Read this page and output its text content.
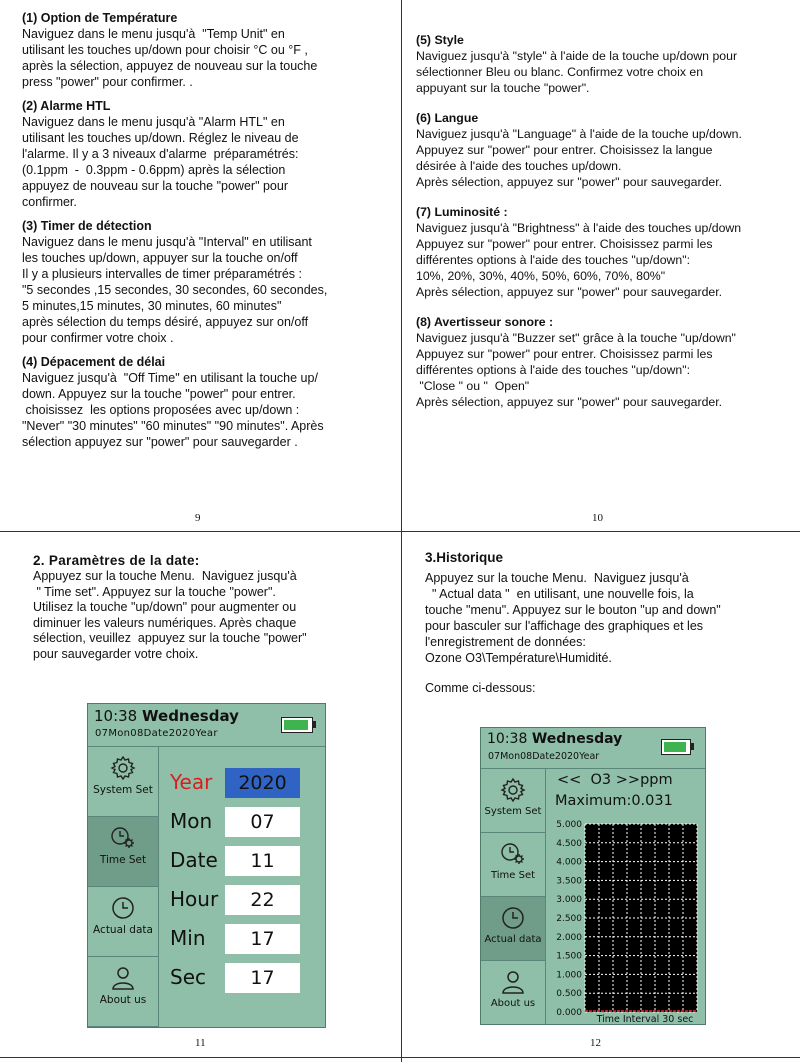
(1) Option de Température

Naviguez dans le menu jusqu'à  "Temp Unit" en
utilisant les touches up/down pour choisir °C ou °F ,
après la sélection, appuyez de nouveau sur la touche
press "power" pour confirmer. .

(2) Alarme HTL

Naviguez dans le menu jusqu'à "Alarm HTL" en
utilisant les touches up/down. Réglez le niveau de
l'alarme. Il y a 3 niveaux d'alarme  préparamétrés:
(0.1ppm  -  0.3ppm - 0.6ppm) après la sélection
appuyez de nouveau sur la touche "power" pour
confirmer.

(3) Timer de détection

Naviguez dans le menu jusqu'à "Interval" en utilisant
les touches up/down, appuyer sur la touche on/off
Il y a plusieurs intervalles de timer préparamétrés :
"5 secondes ,15 secondes, 30 secondes, 60 secondes,
5 minutes,15 minutes, 30 minutes, 60 minutes"
après sélection du temps désiré, appuyez sur on/off
pour confirmer votre choix .

(4) Dépacement de délai

Naviguez jusqu'à  "Off Time" en utilisant la touche up/
down. Appuyez sur la touche "power" pour entrer.
choisissez  les options proposées avec up/down :
"Never" "30 minutes" "60 minutes" "90 minutes". Après
sélection appuyez sur "power" pour sauvegarder .
9

(5) Style

Naviguez jusqu'à "style" à l'aide de la touche up/down pour
sélectionner Bleu ou blanc. Confirmez votre choix en
appuyant sur la touche "power".

(6) Langue

Naviguez jusqu'à "Language" à l'aide de la touche up/down.
Appuyez sur "power" pour entrer. Choisissez la langue
désirée à l'aide des touches up/down.
Après sélection, appuyez sur "power" pour sauvegarder.

(7) Luminosité :

Naviguez jusqu'à "Brightness" à l'aide des touches up/down
Appuyez sur "power" pour entrer. Choisissez parmi les
différentes options à l'aide des touches "up/down":
10%, 20%, 30%, 40%, 50%, 60%, 70%, 80%"
Après sélection, appuyez sur "power" pour sauvegarder.

(8) Avertisseur sonore :

Naviguez jusqu'à "Buzzer set" grâce à la touche "up/down"
Appuyez sur "power" pour entrer. Choisissez parmi les
différentes options à l'aide des touches "up/down":
"Close " ou "  Open"
Après sélection, appuyez sur "power" pour sauvegarder.
10

2. Paramètres de la date:

Appuyez sur la touche Menu.  Naviguez jusqu'à
" Time set". Appuyez sur la touche "power".
Utilisez la touche "up/down" pour augmenter ou
diminuer les valeurs numériques. Après chaque
sélection, veuillez  appuyez sur la touche "power"
pour sauvegarder votre choix.
10:38 Wednesday
07Mon08Date2020Year
System Set
Time Set
Actual data
About us
Year	2020
Mon	07
Date	11
Hour	22
Min	17
Sec	17
11

3.Historique

Appuyez sur la touche Menu.  Naviguez jusqu'à
" Actual data "  en utilisant, une nouvelle fois, la
touche "menu". Appuyez sur le bouton "up and down"
pour basculer sur l'affichage des graphiques et les
l'enregistrement de données:
Ozone O3\Température\Humidité.
Comme ci-dessous:
10:38 Wednesday
07Mon08Date2020Year
System Set
Time Set
Actual data
About us
<<  O3 >>ppm
Maximum:0.031
5.000
4.500
4.000
3.500
3.000
2.500
2.000
1.500
1.000
0.500
0.000
Time Interval 30 sec
12
